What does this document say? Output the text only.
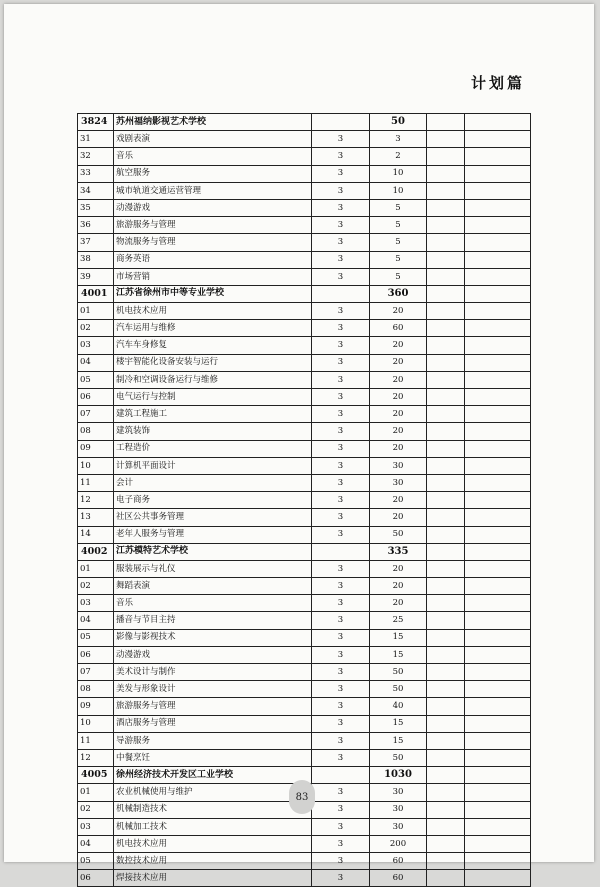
计划篇
3824	苏州福纳影视艺术学校		50		
31	戏剧表演	3	3		
32	音乐	3	2		
33	航空服务	3	10		
34	城市轨道交通运营管理	3	10		
35	动漫游戏	3	5		
36	旅游服务与管理	3	5		
37	物流服务与管理	3	5		
38	商务英语	3	5		
39	市场营销	3	5		
4001	江苏省徐州市中等专业学校		360		
01	机电技术应用	3	20		
02	汽车运用与维修	3	60		
03	汽车车身修复	3	20		
04	楼宇智能化设备安装与运行	3	20		
05	制冷和空调设备运行与维修	3	20		
06	电气运行与控制	3	20		
07	建筑工程施工	3	20		
08	建筑装饰	3	20		
09	工程造价	3	20		
10	计算机平面设计	3	30		
11	会计	3	30		
12	电子商务	3	20		
13	社区公共事务管理	3	20		
14	老年人服务与管理	3	50		
4002	江苏模特艺术学校		335		
01	服装展示与礼仪	3	20		
02	舞蹈表演	3	20		
03	音乐	3	20		
04	播音与节目主持	3	25		
05	影像与影视技术	3	15		
06	动漫游戏	3	15		
07	美术设计与制作	3	50		
08	美发与形象设计	3	50		
09	旅游服务与管理	3	40		
10	酒店服务与管理	3	15		
11	导游服务	3	15		
12	中餐烹饪	3	50		
4005	徐州经济技术开发区工业学校		1030		
01	农业机械使用与维护	3	30		
02	机械制造技术	3	30		
03	机械加工技术	3	30		
04	机电技术应用	3	200		
05	数控技术应用	3	60		
06	焊接技术应用	3	60		
83
